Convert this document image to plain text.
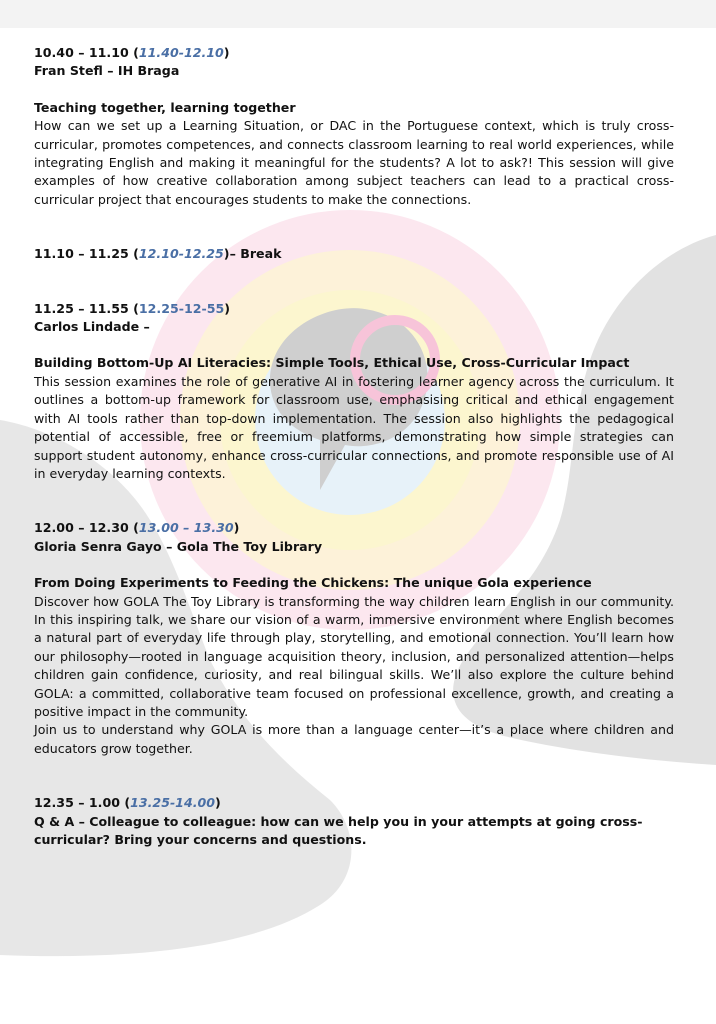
10.40 – 11.10 (11.40-12.10)
Fran Stefl – IH Braga
Teaching together, learning together
How can we set up a Learning Situation, or DAC in the Portuguese context, which is truly cross-curricular, promotes competences, and connects classroom learning to real world experiences, while integrating English and making it meaningful for the students? A lot to ask?! This session will give examples of how creative collaboration among subject teachers can lead to a practical cross-curricular project that encourages students to make the connections.
11.10 – 11.25 (12.10-12.25)– Break
11.25 – 11.55 (12.25-12-55)
Carlos Lindade –
Building Bottom-Up AI Literacies: Simple Tools, Ethical Use, Cross-Curricular Impact
This session examines the role of generative AI in fostering learner agency across the curriculum. It outlines a bottom-up framework for classroom use, emphasising critical and ethical engagement with AI tools rather than top-down implementation. The session also highlights the pedagogical potential of accessible, free or freemium platforms, demonstrating how simple strategies can support student autonomy, enhance cross-curricular connections, and promote responsible use of AI in everyday learning contexts.
12.00 – 12.30 (13.00 – 13.30)
Gloria Senra Gayo – Gola The Toy Library
From Doing Experiments to Feeding the Chickens: The unique Gola experience
Discover how GOLA The Toy Library is transforming the way children learn English in our community. In this inspiring talk, we share our vision of a warm, immersive environment where English becomes a natural part of everyday life through play, storytelling, and emotional connection. You’ll learn how our philosophy—rooted in language acquisition theory, inclusion, and personalized attention—helps children gain confidence, curiosity, and real bilingual skills. We’ll also explore the culture behind GOLA: a committed, collaborative team focused on professional excellence, growth, and creating a positive impact in the community.
Join us to understand why GOLA is more than a language center—it’s a place where children and educators grow together.
12.35 – 1.00 (13.25-14.00)
Q & A – Colleague to colleague: how can we help you in your attempts at going cross-curricular? Bring your concerns and questions.
